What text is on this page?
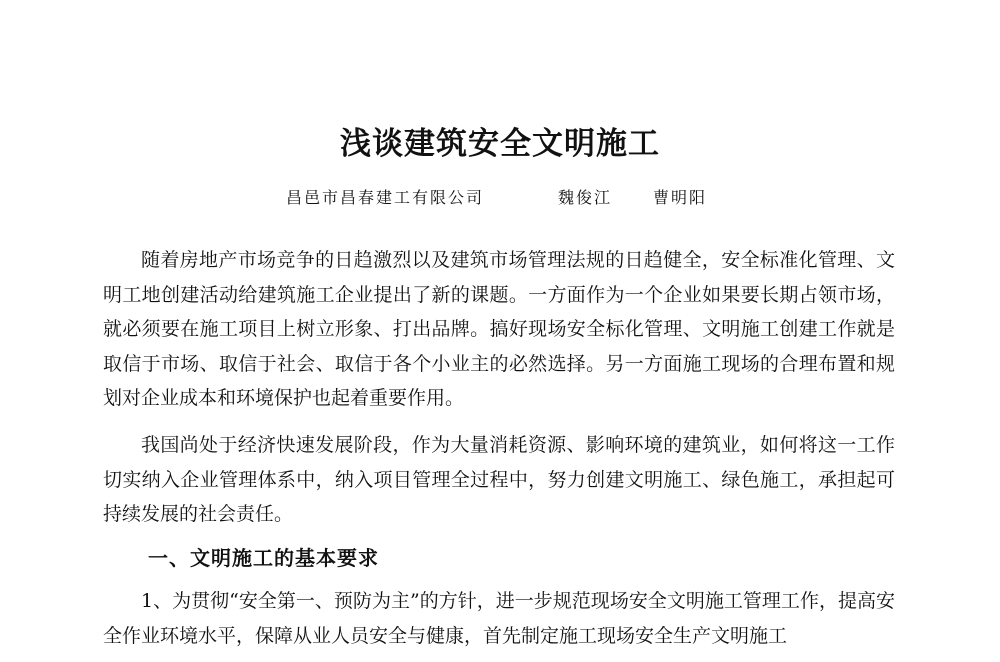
浅谈建筑安全文明施工
昌邑市昌春建工有限公司	魏俊江	曹明阳

随着房地产市场竞争的日趋激烈以及建筑市场管理法规的日趋健全，安全标准化管理、文明工地创建活动给建筑施工企业提出了新的课题。一方面作为一个企业如果要长期占领市场，就必须要在施工项目上树立形象、打出品牌。搞好现场安全标化管理、文明施工创建工作就是取信于市场、取信于社会、取信于各个小业主的必然选择。另一方面施工现场的合理布置和规划对企业成本和环境保护也起着重要作用。

我国尚处于经济快速发展阶段，作为大量消耗资源、影响环境的建筑业，如何将这一工作切实纳入企业管理体系中，纳入项目管理全过程中，努力创建文明施工、绿色施工，承担起可持续发展的社会责任。

一、文明施工的基本要求

1、为贯彻“安全第一、预防为主”的方针，进一步规范现场安全文明施工管理工作，提高安全作业环境水平，保障从业人员安全与健康，首先制定施工现场安全生产文明施工
